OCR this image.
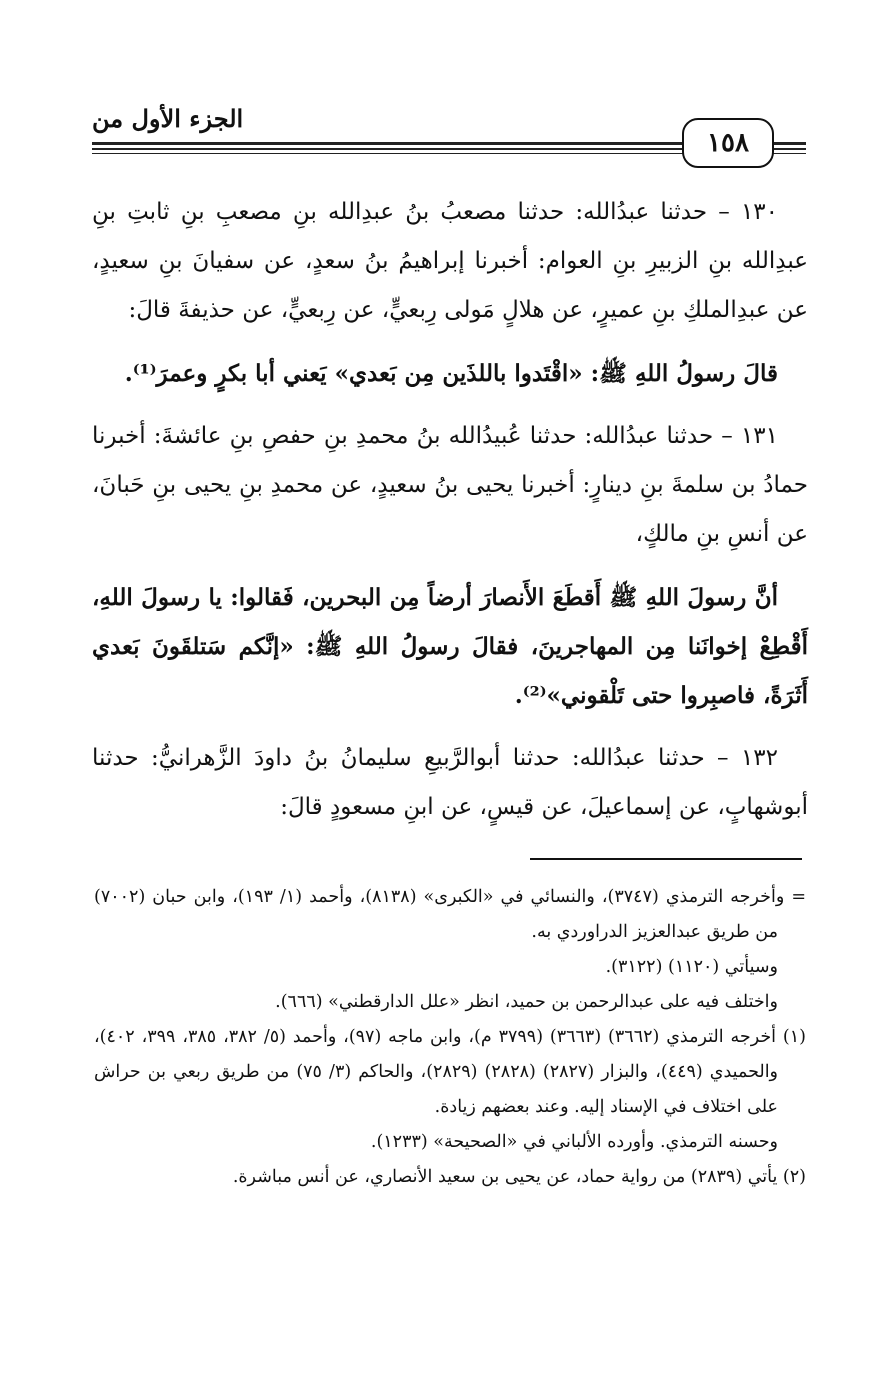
الجزء الأول من
١٥٨

١٣٠ – حدثنا عبدُالله: حدثنا مصعبُ بنُ عبدِالله بنِ مصعبِ بنِ ثابتِ بنِ عبدِالله بنِ الزبيرِ بنِ العوام: أخبرنا إبراهيمُ بنُ سعدٍ، عن سفيانَ بنِ سعيدٍ، عن عبدِالملكِ بنِ عميرٍ، عن هلالٍ مَولى رِبعيٍّ، عن رِبعيٍّ، عن حذيفةَ قالَ:

قالَ رسولُ اللهِ ﷺ: «اقْتَدوا باللذَين مِن بَعدي» يَعني أبا بكرٍ وعمرَ⁽¹⁾.

١٣١ – حدثنا عبدُالله: حدثنا عُبيدُالله بنُ محمدِ بنِ حفصِ بنِ عائشةَ: أخبرنا حمادُ بن سلمةَ بنِ دينارٍ: أخبرنا يحيى بنُ سعيدٍ، عن محمدِ بنِ يحيى بنِ حَبانَ، عن أنسِ بنِ مالكٍ،

أنَّ رسولَ اللهِ ﷺ أَقطَعَ الأَنصارَ أرضاً مِن البحرين، فَقالوا: يا رسولَ اللهِ، أَقْطِعْ إخوانَنا مِن المهاجرينَ، فقالَ رسولُ اللهِ ﷺ: «إنَّكم سَتلقَونَ بَعدي أَثَرَةً، فاصبِروا حتى تَلْقوني»⁽²⁾.

١٣٢ – حدثنا عبدُالله: حدثنا أبوالرَّبيعِ سليمانُ بنُ داودَ الزَّهرانيُّ: حدثنا أبوشهابٍ، عن إسماعيلَ، عن قيسٍ، عن ابنِ مسعودٍ قالَ:

= وأخرجه الترمذي (٣٧٤٧)، والنسائي في «الكبرى» (٨١٣٨)، وأحمد (١/ ١٩٣)، وابن حبان (٧٠٠٢) من طريق عبدالعزيز الدراوردي به.

وسيأتي (١١٢٠) (٣١٢٢).

واختلف فيه على عبدالرحمن بن حميد، انظر «علل الدارقطني» (٦٦٦).

(١) أخرجه الترمذي (٣٦٦٢) (٣٦٦٣) (٣٧٩٩ م)، وابن ماجه (٩٧)، وأحمد (٥/ ٣٨٢، ٣٨٥، ٣٩٩، ٤٠٢)، والحميدي (٤٤٩)، والبزار (٢٨٢٧) (٢٨٢٨) (٢٨٢٩)، والحاكم (٣/ ٧٥) من طريق ربعي بن حراش على اختلاف في الإسناد إليه. وعند بعضهم زيادة.

وحسنه الترمذي. وأورده الألباني في «الصحيحة» (١٢٣٣).

(٢) يأتي (٢٨٣٩) من رواية حماد، عن يحيى بن سعيد الأنصاري، عن أنس مباشرة.
